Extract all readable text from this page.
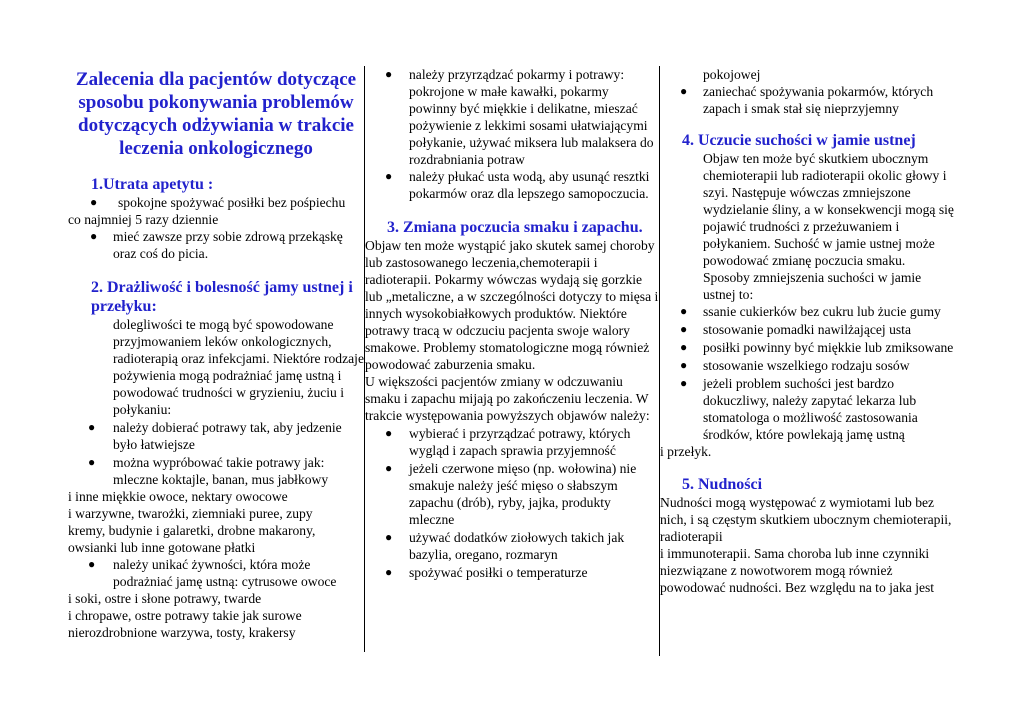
Zalecenia dla pacjentów dotyczące sposobu pokonywania problemów dotyczących odżywiania w trakcie leczenia onkologicznego
1.Utrata apetytu :
● spokojne spożywać posiłki bez pośpiechu

co najmniej 5 razy dziennie

● mieć zawsze przy sobie zdrową przekąskę oraz coś do picia.
2. Drażliwość i bolesność jamy ustnej i przełyku:

dolegliwości te mogą być spowodowane przyjmowaniem leków onkologicznych, radioterapią oraz infekcjami. Niektóre rodzaje pożywienia mogą podrażniać jamę ustną i powodować trudności w gryzieniu, żuciu i połykaniu:

● należy dobierać potrawy tak, aby jedzenie było łatwiejsze
● można wypróbować takie potrawy jak: mleczne koktajle, banan, mus jabłkowy

i inne miękkie owoce, nektary owocowe
i warzywne, twarożki, ziemniaki puree, zupy
kremy, budynie i galaretki, drobne makarony,
owsianki lub inne gotowane płatki

● należy unikać żywności, która może podrażniać jamę ustną: cytrusowe owoce

i soki, ostre i słone potrawy, twarde
i chropawe, ostre potrawy takie jak surowe
nierozdrobnione warzywa, tosty, krakersy

● należy przyrządzać pokarmy i potrawy: pokrojone w małe kawałki, pokarmy powinny być miękkie i delikatne, mieszać pożywienie z lekkimi sosami ułatwiającymi połykanie, używać miksera lub malaksera do rozdrabniania potraw
● należy płukać usta wodą, aby usunąć resztki pokarmów oraz dla lepszego samopoczucia.
3. Zmiana poczucia smaku i zapachu.

Objaw ten może wystąpić jako skutek samej choroby lub zastosowanego leczenia,chemoterapii i radioterapii. Pokarmy wówczas wydają się gorzkie lub „metaliczne, a w szczególności dotyczy to mięsa i innych wysokobiałkowych produktów. Niektóre potrawy tracą w odczuciu pacjenta swoje walory smakowe. Problemy stomatologiczne mogą również powodować zaburzenia smaku.

U większości pacjentów zmiany w odczuwaniu smaku i zapachu mijają po zakończeniu leczenia. W trakcie występowania powyższych objawów należy:

● wybierać i przyrządzać potrawy, których wygląd i zapach sprawia przyjemność
● jeżeli czerwone mięso (np. wołowina) nie smakuje należy jeść mięso o słabszym zapachu (drób), ryby, jajka, produkty mleczne
● używać dodatków ziołowych takich jak bazylia, oregano, rozmaryn
● spożywać posiłki o temperaturze

pokojowej

● zaniechać spożywania pokarmów, których zapach i smak stał się nieprzyjemny
4. Uczucie suchości w jamie ustnej

Objaw ten może być skutkiem ubocznym chemioterapii lub radioterapii okolic głowy i szyi. Następuje wówczas zmniejszone wydzielanie śliny, a w konsekwencji mogą się pojawić trudności z przeżuwaniem i połykaniem. Suchość w jamie ustnej może powodować zmianę poczucia smaku.

Sposoby zmniejszenia suchości w jamie ustnej to:

● ssanie cukierków bez cukru lub żucie gumy
● stosowanie pomadki nawilżającej usta
● posiłki powinny być miękkie lub zmiksowane
● stosowanie wszelkiego rodzaju sosów
● jeżeli problem suchości jest bardzo dokuczliwy, należy zapytać lekarza lub stomatologa o możliwość zastosowania środków, które powlekają jamę ustną

i przełyk.

5. Nudności

Nudności mogą występować z wymiotami lub bez nich, i są częstym skutkiem ubocznym chemioterapii, radioterapii

i immunoterapii. Sama choroba lub inne czynniki niezwiązane z nowotworem mogą również powodować nudności. Bez względu na to jaka jest
